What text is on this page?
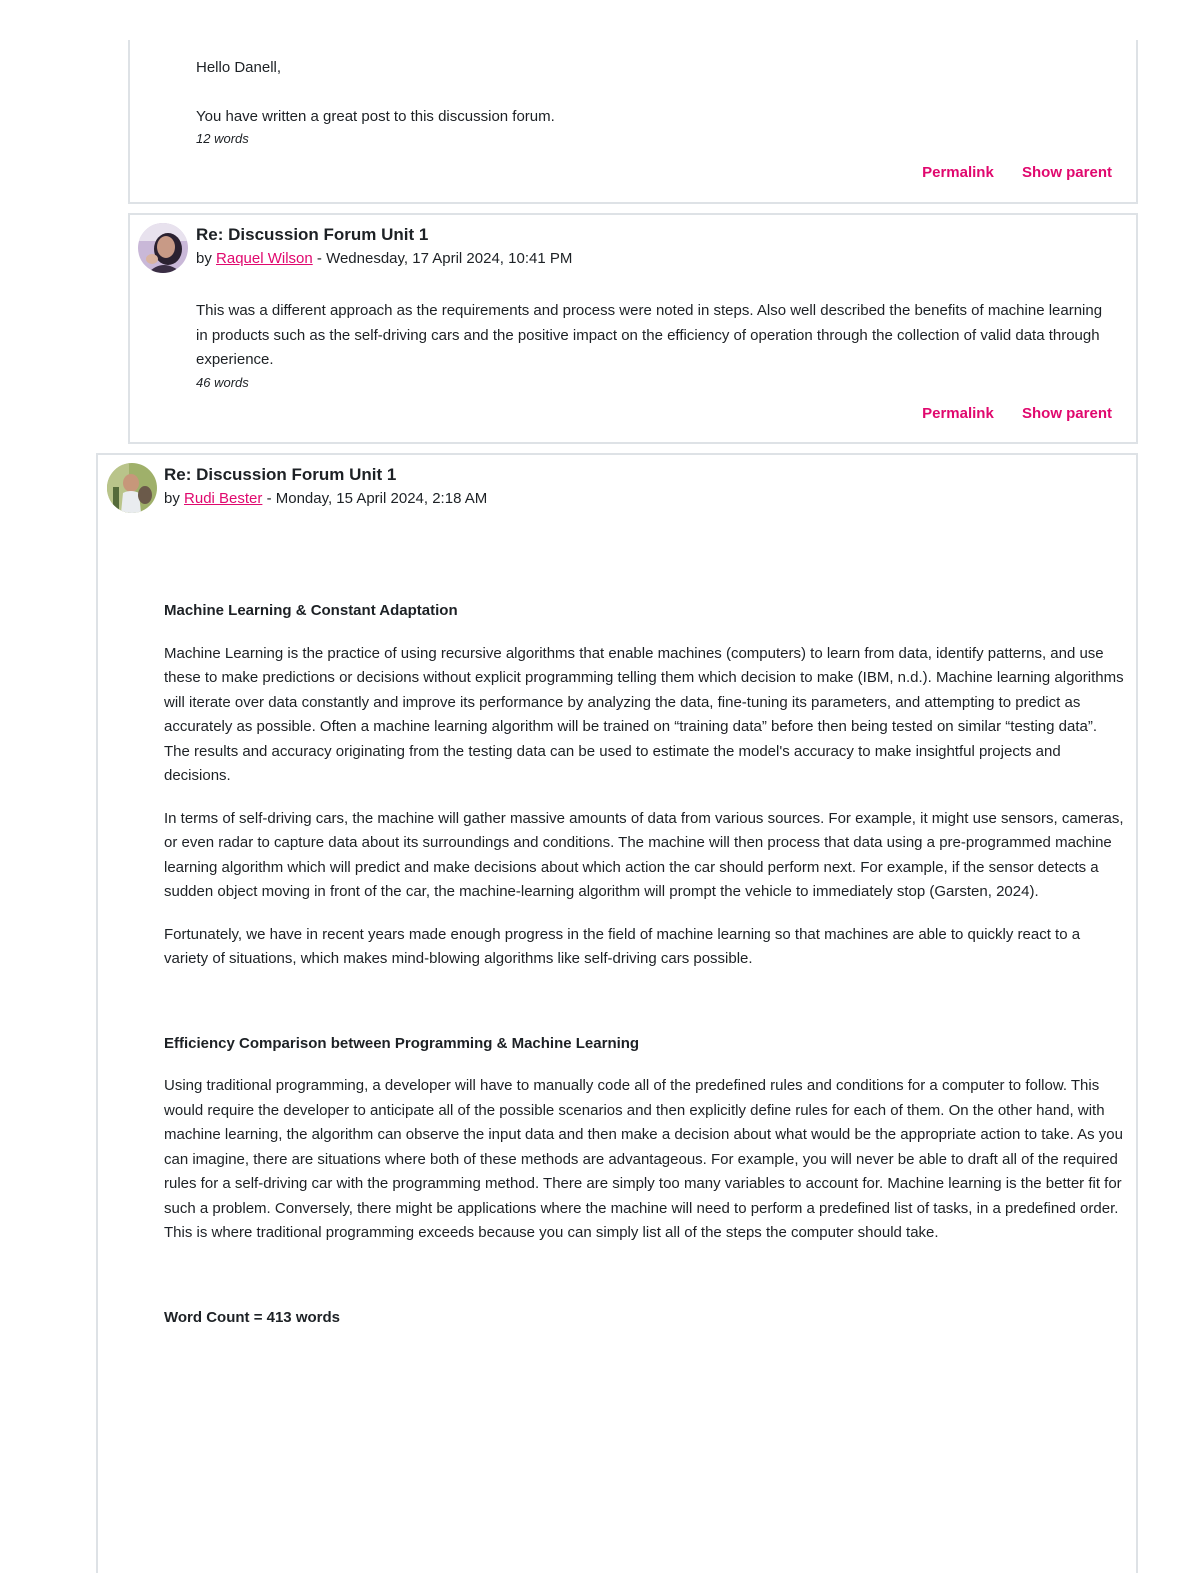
Hello Danell,

You have written a great post to this discussion forum.

12 words

Permalink Show parent
Re: Discussion Forum Unit 1
by Raquel Wilson - Wednesday, 17 April 2024, 10:41 PM

This was a different approach as the requirements and process were noted in steps. Also well described the benefits of machine learning in products such as the self-driving cars and the positive impact on the efficiency of operation through the collection of valid data through experience.

46 words

Permalink Show parent
Re: Discussion Forum Unit 1
by Rudi Bester - Monday, 15 April 2024, 2:18 AM

Machine Learning & Constant Adaptation

Machine Learning is the practice of using recursive algorithms that enable machines (computers) to learn from data, identify patterns, and use these to make predictions or decisions without explicit programming telling them which decision to make (IBM, n.d.). Machine learning algorithms will iterate over data constantly and improve its performance by analyzing the data, fine-tuning its parameters, and attempting to predict as accurately as possible. Often a machine learning algorithm will be trained on “training data” before then being tested on similar “testing data”. The results and accuracy originating from the testing data can be used to estimate the model's accuracy to make insightful projects and decisions.

In terms of self-driving cars, the machine will gather massive amounts of data from various sources. For example, it might use sensors, cameras, or even radar to capture data about its surroundings and conditions. The machine will then process that data using a pre-programmed machine learning algorithm which will predict and make decisions about which action the car should perform next. For example, if the sensor detects a sudden object moving in front of the car, the machine-learning algorithm will prompt the vehicle to immediately stop (Garsten, 2024).

Fortunately, we have in recent years made enough progress in the field of machine learning so that machines are able to quickly react to a variety of situations, which makes mind-blowing algorithms like self-driving cars possible.

Efficiency Comparison between Programming & Machine Learning

Using traditional programming, a developer will have to manually code all of the predefined rules and conditions for a computer to follow. This would require the developer to anticipate all of the possible scenarios and then explicitly define rules for each of them. On the other hand, with machine learning, the algorithm can observe the input data and then make a decision about what would be the appropriate action to take. As you can imagine, there are situations where both of these methods are advantageous. For example, you will never be able to draft all of the required rules for a self-driving car with the programming method. There are simply too many variables to account for. Machine learning is the better fit for such a problem. Conversely, there might be applications where the machine will need to perform a predefined list of tasks, in a predefined order. This is where traditional programming exceeds because you can simply list all of the steps the computer should take.

Word Count = 413 words
